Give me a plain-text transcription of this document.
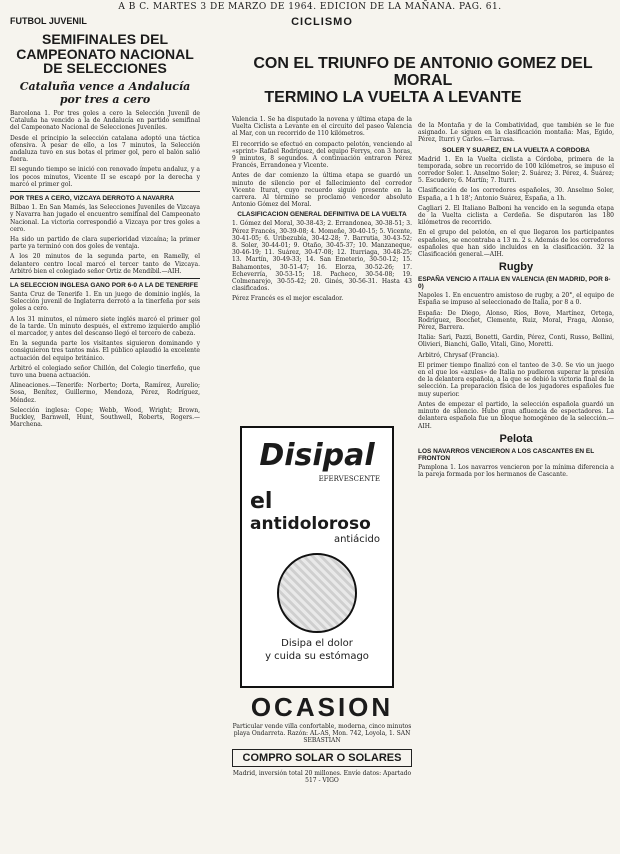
A B C. MARTES 3 DE MARZO DE 1964. EDICION DE LA MAÑANA. PAG. 61.
FUTBOL JUVENIL
SEMIFINALES DEL CAMPEONATO NACIONAL DE SELECCIONES
Cataluña vence a Andalucía por tres a cero

Barcelona 1. Por tres goles a cero la Selección Juvenil de Cataluña ha vencido a la de Andalucía en partido semifinal del Campeonato Nacional de Selecciones Juveniles.

Desde el principio la selección catalana adoptó una táctica ofensiva. A pesar de ello, a los 7 minutos, la Selección andaluza tuvo en sus botas el primer gol, pero el balón salió fuera.

El segundo tiempo se inició con renovado ímpetu andaluz, y a los pocos minutos, Vicente II se escapó por la derecha y marcó el primer gol.

POR TRES A CERO, VIZCAYA DERROTO A NAVARRA

Bilbao 1. En San Mamés, las Selecciones Juveniles de Vizcaya y Navarra han jugado el encuentro semifinal del Campeonato Nacional. La victoria correspondió a Vizcaya por tres goles a cero.

Ha sido un partido de clara superioridad vizcaína; la primer parte ya terminó con dos goles de ventaja.

A los 20 minutos de la segunda parte, en Ramelly, el delantero centro local marcó el tercer tanto de Vizcaya. Arbitró bien el colegiado señor Ortiz de Mendíbil.—AIH.

LA SELECCION INGLESA GANO POR 6-0 A LA DE TENERIFE

Santa Cruz de Tenerife 1. En un juego de dominio inglés, la Selección juvenil de Inglaterra derrotó a la tinerfeña por seis goles a cero.

A los 31 minutos, el número siete inglés marcó el primer gol de la tarde. Un minuto después, el extremo izquierdo amplió el marcador, y antes del descanso llegó el tercero de cabeza.

En la segunda parte los visitantes siguieron dominando y consiguieron tres tantos más. El público aplaudió la excelente actuación del equipo británico.

Arbitró el colegiado señor Chillón, del Colegio tinerfeño, que tuvo una buena actuación.

Alineaciones.—Tenerife: Norberto; Dorta, Ramírez, Aurelio; Sosa, Benítez, Guillermo, Mendoza, Pérez, Rodríguez, Méndez.

Selección inglesa: Cope; Webb, Wood, Wright; Brown, Buckley, Barnwell, Hunt, Southwell, Roberts, Rogers.—Marchena.

CICLISMO
CON EL TRIUNFO DE ANTONIO GOMEZ DEL MORAL
TERMINO LA VUELTA A LEVANTE

Valencia 1. Se ha disputado la novena y última etapa de la Vuelta Ciclista a Levante en el circuito del paseo Valencia al Mar, con un recorrido de 110 kilómetros.

El recorrido se efectuó en compacto pelotón, venciendo al «sprint» Rafael Rodríguez, del equipo Ferrys, con 3 horas, 9 minutos, 8 segundos. A continuación entraron Pérez Francés, Errandonea y Vicente.

Antes de dar comienzo la última etapa se guardó un minuto de silencio por el fallecimiento del corredor Vicente Iturat, cuyo recuerdo siguió presente en la carrera. Al término se proclamó vencedor absoluto Antonio Gómez del Moral.

CLASIFICACION GENERAL DEFINITIVA DE LA VUELTA

1. Gómez del Moral, 30-38-43; 2. Errandonea, 30-38-51; 3. Pérez Francés, 30-39-08; 4. Momeñe, 30-40-15; 5. Vicente, 30-41-05; 6. Uribezubía, 30-42-28; 7. Barrutia, 30-43-52; 8. Soler, 30-44-01; 9. Otaño, 30-45-37; 10. Manzaneque, 30-46-19; 11. Suárez, 30-47-08; 12. Iturriaga, 30-48-25; 13. Martín, 30-49-33; 14. San Emeterio, 30-50-12; 15. Bahamontes, 30-51-47; 16. Elorza, 30-52-26; 17. Echeverría, 30-53-15; 18. Pacheco, 30-54-08; 19. Colmenarejo, 30-55-42; 20. Ginés, 30-56-31. Hasta 43 clasificados.

Pérez Francés es el mejor escalador.

Disipal
EFERVESCENTE
el
antidoloroso
antiácido
Disipa el dolor
y cuida su estómago
OCASION

Particular vende villa confortable, moderna, cinco minutos playa Ondarreta. Razón: AL-AS, Mon. 742, Loyola, 1. SAN SEBASTIAN

COMPRO SOLAR O SOLARES

Madrid, inversión total 20 millones. Envíe datos: Apartado 517 - VIGO

de la Montaña y de la Combatividad, que también se le fue asignado. Le siguen en la clasificación montaña: Mas, Egido, Pérez, Iturri y Carlos.—Tarrasa.

SOLER Y SUAREZ, EN LA VUELTA A CORDOBA

Madrid 1. En la Vuelta ciclista a Córdoba, primera de la temporada, sobre un recorrido de 100 kilómetros, se impuso el corredor Soler. 1. Anselmo Soler; 2. Suárez; 3. Pérez, 4. Suárez; 5. Escudero; 6. Martín; 7. Iturri.

Clasificación de los corredores españoles, 30. Anselmo Soler, España, a 1 h 18'; Antonio Suárez, España, a 1h.

Cagliari 2. El Italiano Balboni ha vencido en la segunda etapa de la Vuelta ciclista a Cerdeña. Se disputaron las 180 kilómetros de recorrido.

En el grupo del pelotón, en el que llegaron los participantes españoles, se encontraba a 13 m. 2 s. Además de los corredores españoles que han sido incluidos en la clasificación. 32 la Clasificación general.—AIH.

Rugby
ESPAÑA VENCIO A ITALIA EN VALENCIA (EN MADRID, POR 8-0)

Napoles 1. En encuentro amistoso de rugby, a 20°, el equipo de España se impuso al seleccionado de Italia, por 8 a 0.

España: De Diego, Alonso, Ríos, Bove, Martínez, Ortega, Rodríguez, Bocchet, Clemente, Ruiz, Moral, Fraga, Alonso, Pérez, Barrera.

Italia: Sari, Pazzi, Bonetti, Gardin, Pérez, Conti, Russo, Bellini, Olivieri, Bianchi, Gallo, Vitali, Gino, Moretti.

Arbitró, Chrysaf (Francia).

El primer tiempo finalizó con el tanteo de 3-0. Se vio un juego en el que los «azules» de Italia no pudieron superar la presión de la delantera española, a la que se debió la victoria final de la selección. La preparación física de los jugadores españoles fue muy superior.

Antes de empezar el partido, la selección española guardó un minuto de silencio. Hubo gran afluencia de espectadores. La delantera española fue un bloque homogéneo de la selección.—AIH.

Pelota
LOS NAVARROS VENCIERON A LOS CASCANTES EN EL FRONTON

Pamplona 1. Los navarros vencieron por la mínima diferencia a la pareja formada por los hermanos de Cascante.
